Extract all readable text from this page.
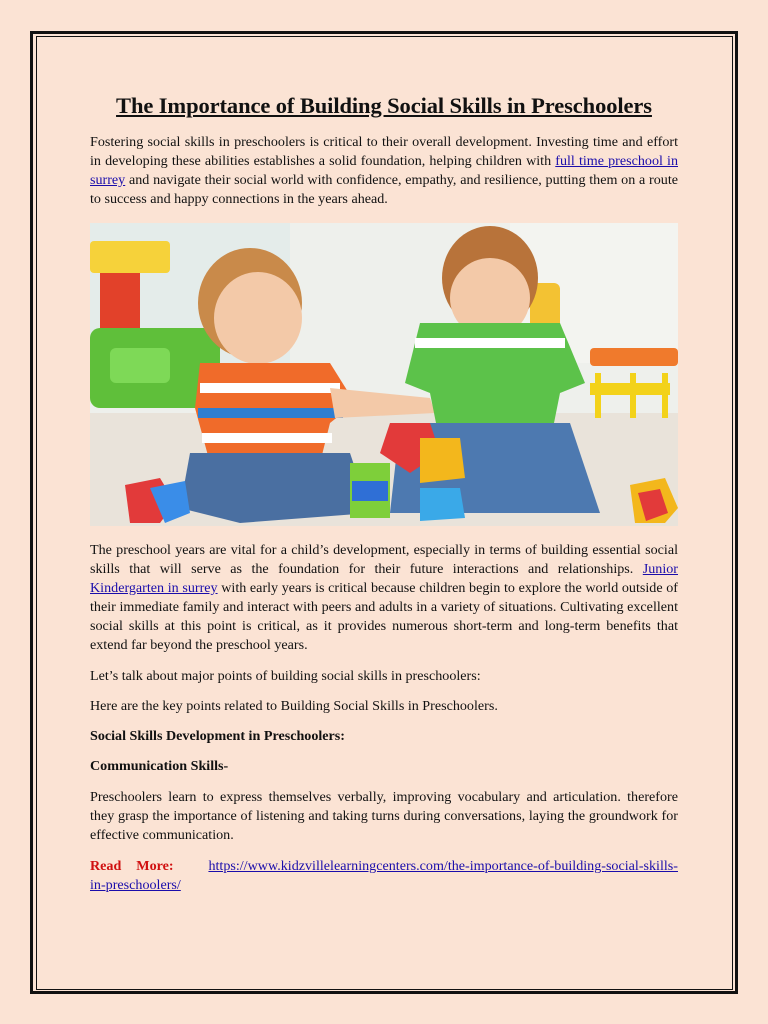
The Importance of Building Social Skills in Preschoolers

Fostering social skills in preschoolers is critical to their overall development. Investing time and effort in developing these abilities establishes a solid foundation, helping children with full time preschool in surrey and navigate their social world with confidence, empathy, and resilience, putting them on a route to success and happy connections in the years ahead.

The preschool years are vital for a child’s development, especially in terms of building essential social skills that will serve as the foundation for their future interactions and relationships. Junior Kindergarten in surrey with early years is critical because children begin to explore the world outside of their immediate family and interact with peers and adults in a variety of situations. Cultivating excellent social skills at this point is critical, as it provides numerous short-term and long-term benefits that extend far beyond the preschool years.

Let’s talk about major points of building social skills in preschoolers:

Here are the key points related to Building Social Skills in Preschoolers.

Social Skills Development in Preschoolers:

Communication Skills-

Preschoolers learn to express themselves verbally, improving vocabulary and articulation. therefore they grasp the importance of listening and taking turns during conversations, laying the groundwork for effective communication.

Read   More: https://www.kidzvillelearningcenters.com/the-importance-of-building-social-skills-in-preschoolers/
